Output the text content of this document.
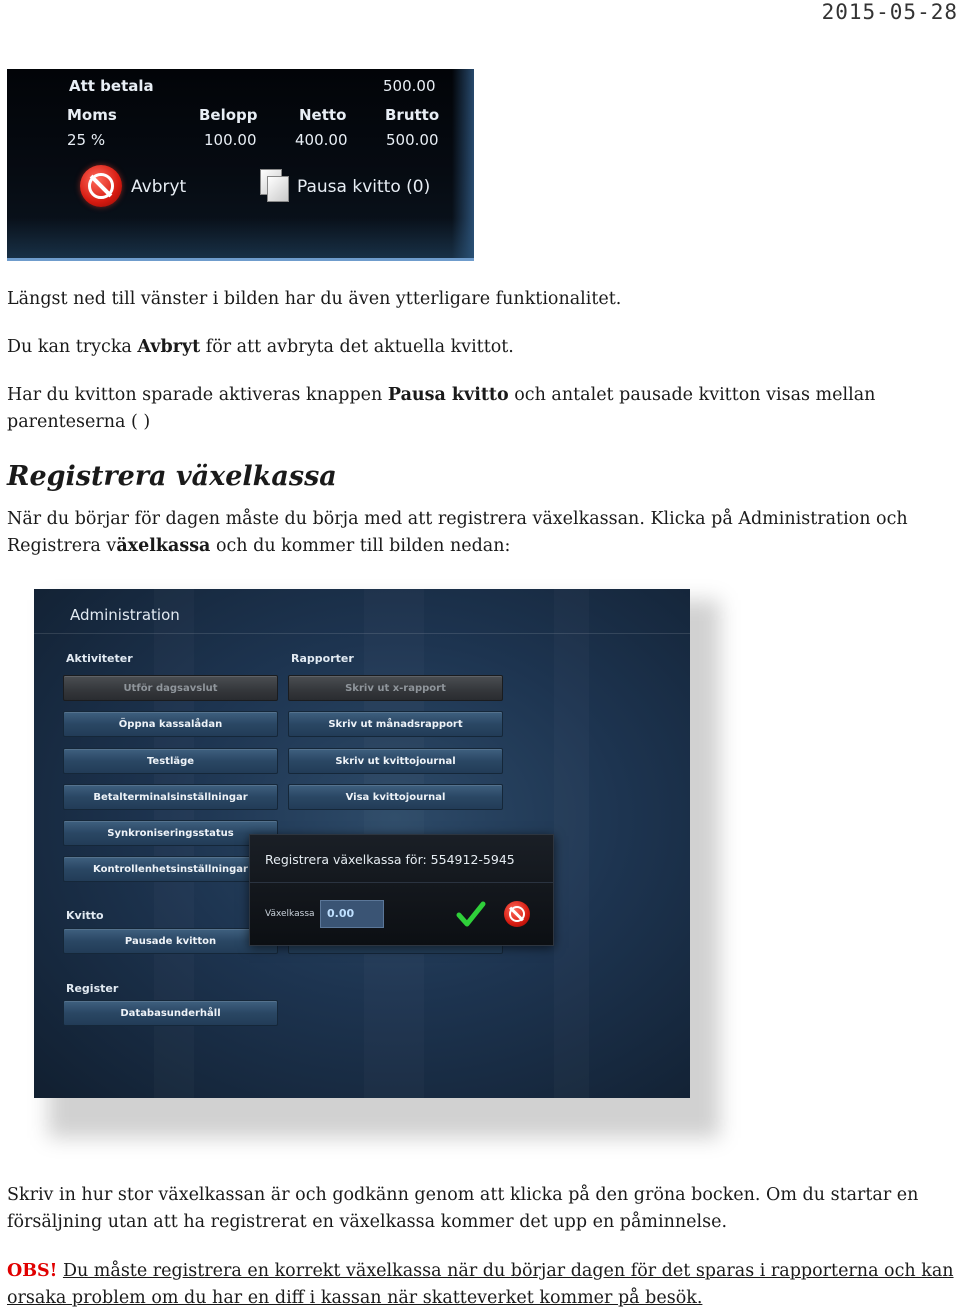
2015-05-28
Att betala	500.00
Moms	Belopp	Netto	Brutto
25 %	100.00	400.00	500.00
Avbryt	Pausa kvitto (0)

Längst ned till vänster i bilden har du även ytterligare funktionalitet.

Du kan trycka Avbryt för att avbryta det aktuella kvittot.

Har du kvitton sparade aktiveras knappen Pausa kvitto och antalet pausade kvitton visas mellan
parenteserna ( )

Registrera växelkassa

När du börjar för dagen måste du börja med att registrera växelkassan. Klicka på Administration och
Registrera växelkassa och du kommer till bilden nedan:

Administration
Aktiviteter	Rapporter
Utför dagsavslut
Öppna kassalådan
Testläge
Betalterminalsinställningar
Synkroniseringsstatus
Kontrollenhetsinställningar
Skriv ut x-rapport
Skriv ut månadsrapport
Skriv ut kvittojournal
Visa kvittojournal
Kvitto
Pausade kvitton
Register
Databasunderhåll
Registrera växelkassa för: 554912-5945
Växelkassa	0.00

Skriv in hur stor växelkassan är och godkänn genom att klicka på den gröna bocken. Om du startar en
försäljning utan att ha registrerat en växelkassa kommer det upp en påminnelse.

OBS! Du måste registrera en korrekt växelkassa när du börjar dagen för det sparas i rapporterna och kan
orsaka problem om du har en diff i kassan när skatteverket kommer på besök.
